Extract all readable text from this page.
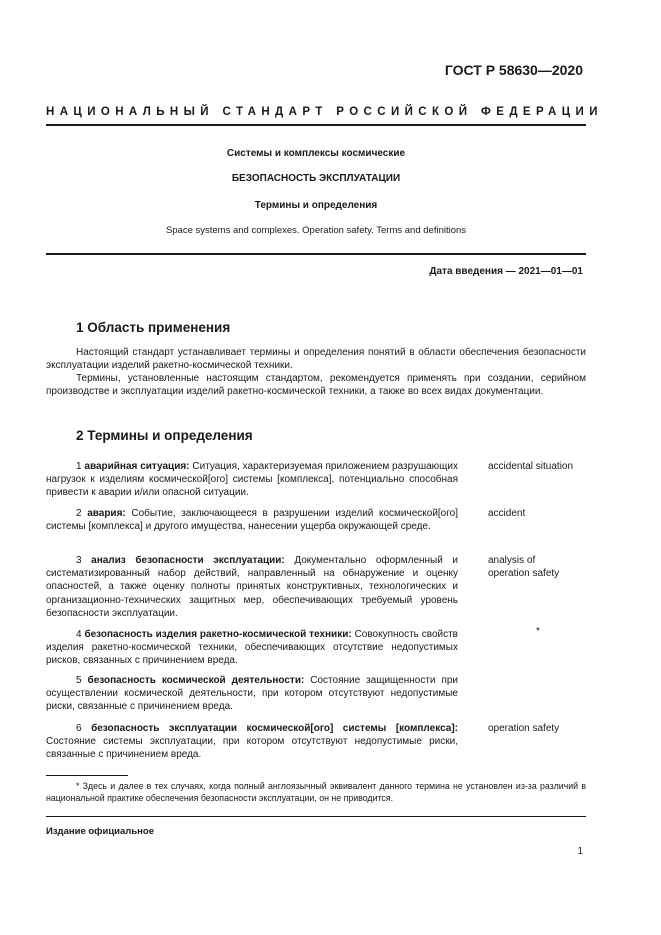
ГОСТ Р 58630—2020
НАЦИОНАЛЬНЫЙ СТАНДАРТ РОССИЙСКОЙ ФЕДЕРАЦИИ
Системы и комплексы космические
БЕЗОПАСНОСТЬ ЭКСПЛУАТАЦИИ
Термины и определения
Space systems and complexes. Operation safety. Terms and definitions
Дата введения — 2021—01—01
1 Область применения

Настоящий стандарт устанавливает термины и определения понятий в области обеспечения безопасности эксплуатации изделий ракетно-космической техники.

Термины, установленные настоящим стандартом, рекомендуется применять при создании, серийном производстве и эксплуатации изделий ракетно-космической техники, а также во всех видах документации.

2 Термины и определения

1 аварийная ситуация: Ситуация, характеризуемая приложением разрушающих нагрузок к изделиям космической[ого] системы [комплекса], потенциально способная привести к аварии и/или опасной ситуации.

accidental situation

2 авария: Событие, заключающееся в разрушении изделий космической[ого] системы [комплекса] и другого имущества, нанесении ущерба окружающей среде.

accident

3 анализ безопасности эксплуатации: Документально оформленный и систематизированный набор действий, направленный на обнаружение и оценку опасностей, а также оценку полноты принятых конструктивных, технологических и организационно-технических защитных мер, обеспечивающих требуемый уровень безопасности эксплуатации.

analysis of operation safety

4 безопасность изделия ракетно-космической техники: Совокупность свойств изделия ракетно-космической техники, обеспечивающих отсутствие недопустимых рисков, связанных с причинением вреда.

*

5 безопасность космической деятельности: Состояние защищенности при осуществлении космической деятельности, при котором отсутствуют недопустимые риски, связанные с причинением вреда.

6 безопасность эксплуатации космической[ого] системы [комплекса]: Состояние системы эксплуатации, при котором отсутствуют недопустимые риски, связанные с причинением вреда.

operation safety

* Здесь и далее в тех случаях, когда полный англоязычный эквивалент данного термина не установлен из-за различий в национальной практике обеспечения безопасности эксплуатации, он не приводится.

Издание официальное
1
